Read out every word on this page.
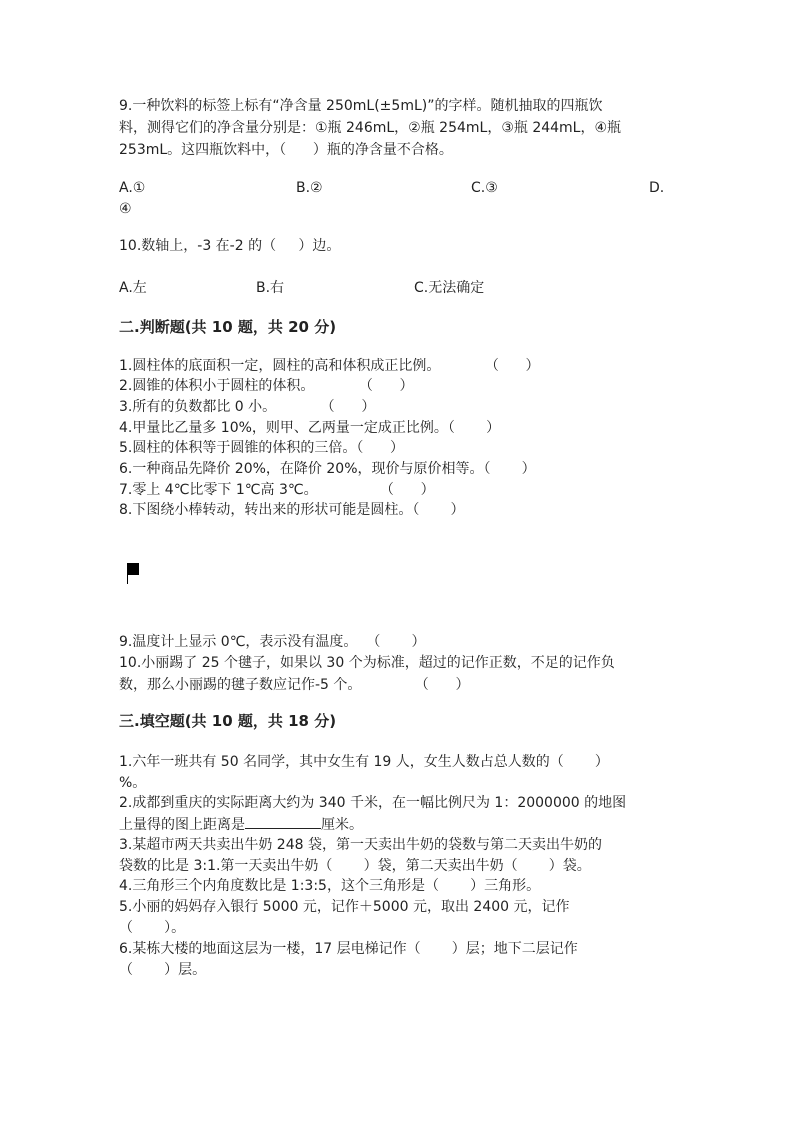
9.一种饮料的标签上标有“净含量 250mL(±5mL)”的字样。随机抽取的四瓶饮
料，测得它们的净含量分别是：①瓶 246mL，②瓶 254mL，③瓶 244mL，④瓶
253mL。这四瓶饮料中，（      ）瓶的净含量不合格。
A.①	B.②	C.③	D.
④
10.数轴上，-3 在-2 的（     ）边。
A.左	B.右	C.无法确定
二.判断题(共 10 题，共 20 分)
1.圆柱体的底面积一定，圆柱的高和体积成正比例。          （      ）
2.圆锥的体积小于圆柱的体积。          （      ）
3.所有的负数都比 0 小。          （      ）
4.甲量比乙量多 10%，则甲、乙两量一定成正比例。（       ）
5.圆柱的体积等于圆锥的体积的三倍。（      ）
6.一种商品先降价 20%，在降价 20%，现价与原价相等。（       ）
7.零上 4℃比零下 1℃高 3℃。              （      ）
8.下图绕小棒转动，转出来的形状可能是圆柱。（       ）
9.温度计上显示 0℃，表示没有温度。  （       ）
10.小丽踢了 25 个毽子，如果以 30 个为标准，超过的记作正数，不足的记作负
数，那么小丽踢的毽子数应记作-5 个。            （      ）
三.填空题(共 10 题，共 18 分)
1.六年一班共有 50 名同学，其中女生有 19 人，女生人数占总人数的（       ）
%。
2.成都到重庆的实际距离大约为 340 千米，在一幅比例尺为 1：2000000 的地图
上量得的图上距离是	厘米。
3.某超市两天共卖出牛奶 248 袋，第一天卖出牛奶的袋数与第二天卖出牛奶的
袋数的比是 3:1.第一天卖出牛奶（       ）袋，第二天卖出牛奶（       ）袋。
4.三角形三个内角度数比是 1:3:5，这个三角形是（       ）三角形。
5.小丽的妈妈存入银行 5000 元，记作＋5000 元，取出 2400 元，记作
（       ）。
6.某栋大楼的地面这层为一楼，17 层电梯记作（       ）层；地下二层记作
（       ）层。
